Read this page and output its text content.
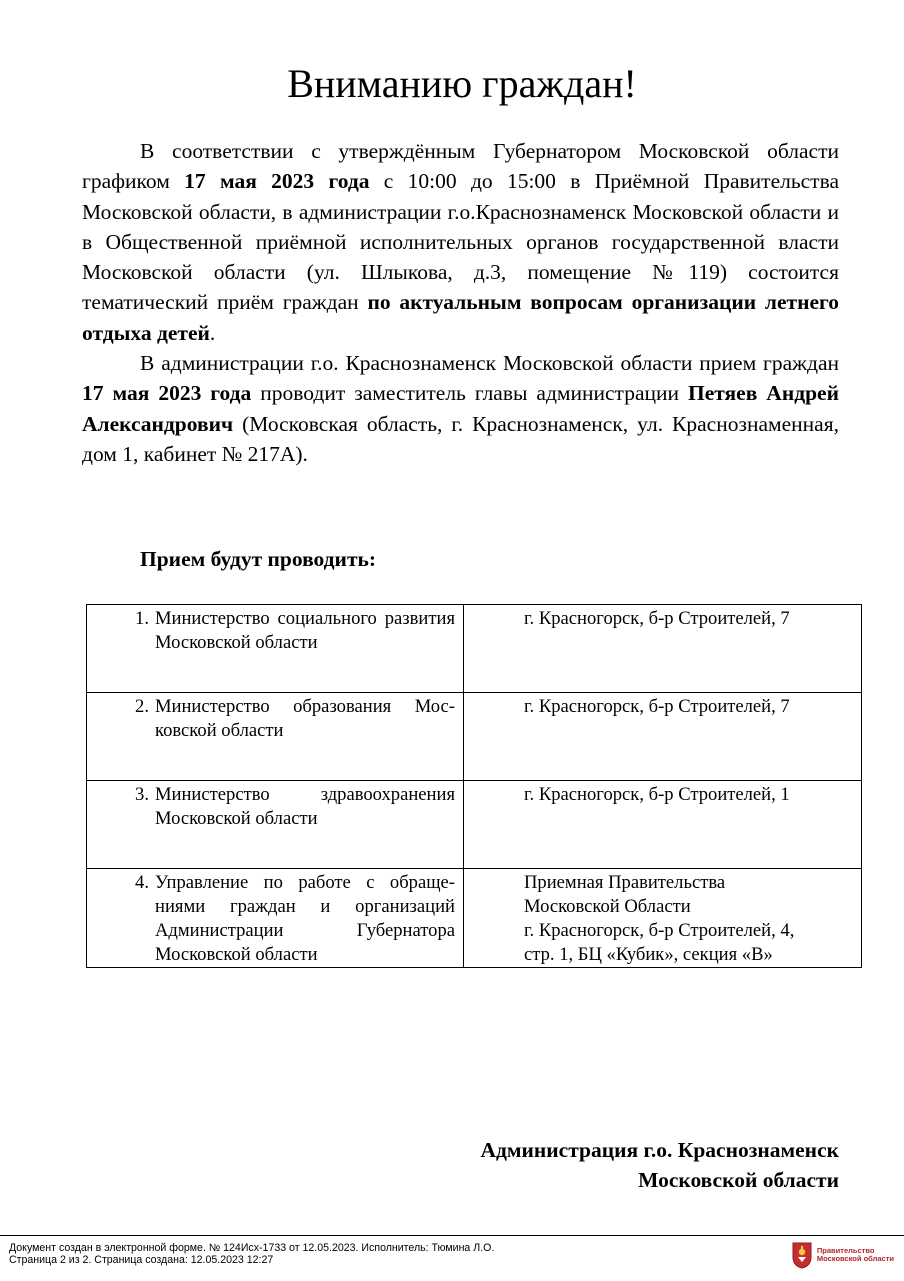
Вниманию граждан!

В соответствии с утверждённым Губернатором Московской области графиком 17 мая 2023 года с 10:00 до 15:00 в Приёмной Правительства Московской области, в администрации г.о.Краснознаменск Московской области и в Общественной приёмной исполнительных органов государственной власти Московской области (ул. Шлыкова, д.3, помещение №119) состоится тематический приём граждан по актуальным вопросам организации летнего отдыха детей.

В администрации г.о. Краснознаменск Московской области прием граждан 17 мая 2023 года проводит заместитель главы администрации Петяев Андрей Александрович (Московская область, г. Краснознаменск, ул. Краснознаменная, дом 1, кабинет № 217А).

Прием будут проводить:
1 . Министерство социального развития Московской области	г. Красногорск, б-р Строителей, 7

2 . Министерство образования Московской области	г. Красногорск, б-р Строителей, 7

3 . Министерство здравоохранения Московской области	г. Красногорск, б-р Строителей, 1

4 . Управление по работе с обращениями граждан и организаций Администрации Губернатора Московской области	Приемная Правительства
Московской Области
г. Красногорск, б-р Строителей, 4,
стр. 1, БЦ «Кубик», секция «В»
Администрация г.о. Краснознаменск
Московской области
Документ создан в электронной форме. № 124Исх-1733 от 12.05.2023. Исполнитель: Тюмина Л.О.
Страница 2 из 2. Страница создана: 12.05.2023 12:27
Правительство
Московской области
